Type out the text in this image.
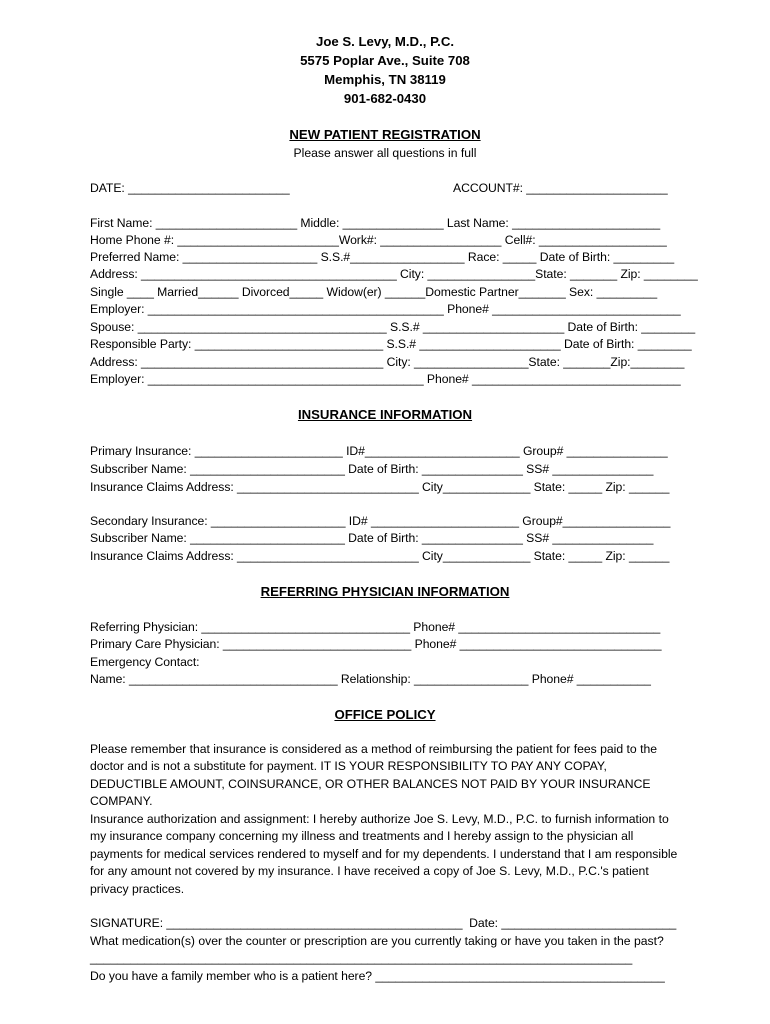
Joe S. Levy, M.D., P.C.
5575 Poplar Ave., Suite 708
Memphis, TN 38119
901-682-0430
NEW PATIENT REGISTRATION
Please answer all questions in full
DATE: ________________________	ACCOUNT#: _____________________
First Name: _____________________ Middle: _______________ Last Name: ______________________
Home Phone #: ________________________Work#: __________________ Cell#: ___________________
Preferred Name: ____________________ S.S.#_________________ Race: _____ Date of Birth: _________
Address: ______________________________________ City: ________________State: _______ Zip: ________
Single ____ Married______ Divorced_____ Widow(er) ______Domestic Partner_______ Sex: _________
Employer: ____________________________________________ Phone# ____________________________
Spouse: _____________________________________ S.S.# _____________________ Date of Birth: ________
Responsible Party: ____________________________ S.S.# _____________________ Date of Birth: ________
Address: ____________________________________ City: _________________State: _______Zip:________
Employer: _________________________________________ Phone# _______________________________
INSURANCE INFORMATION
Primary Insurance: ______________________ ID#_______________________ Group# _______________
Subscriber Name: _______________________ Date of Birth: _______________ SS# _______________
Insurance Claims Address: ___________________________ City_____________ State: _____ Zip: ______
Secondary Insurance: ____________________ ID# ______________________ Group#________________
Subscriber Name: _______________________ Date of Birth: _______________ SS# _______________
Insurance Claims Address: ___________________________ City_____________ State: _____ Zip: ______
REFERRING PHYSICIAN INFORMATION
Referring Physician: _______________________________ Phone# ______________________________
Primary Care Physician: ____________________________ Phone# ______________________________
Emergency Contact:
Name: _______________________________ Relationship: _________________ Phone# ___________
OFFICE POLICY
Please remember that insurance is considered as a method of reimbursing the patient for fees paid to the doctor and is not a substitute for payment. IT IS YOUR RESPONSIBILITY TO PAY ANY COPAY, DEDUCTIBLE AMOUNT, COINSURANCE, OR OTHER BALANCES NOT PAID BY YOUR INSURANCE COMPANY.
Insurance authorization and assignment: I hereby authorize Joe S. Levy, M.D., P.C. to furnish information to my insurance company concerning my illness and treatments and I hereby assign to the physician all payments for medical services rendered to myself and for my dependents. I understand that I am responsible for any amount not covered by my insurance. I have received a copy of Joe S. Levy, M.D., P.C.'s patient privacy practices.
SIGNATURE: ____________________________________________  Date: __________________________
What medication(s) over the counter or prescription are you currently taking or have you taken in the past? ________________________________________________________________________________
Do you have a family member who is a patient here? ___________________________________________
